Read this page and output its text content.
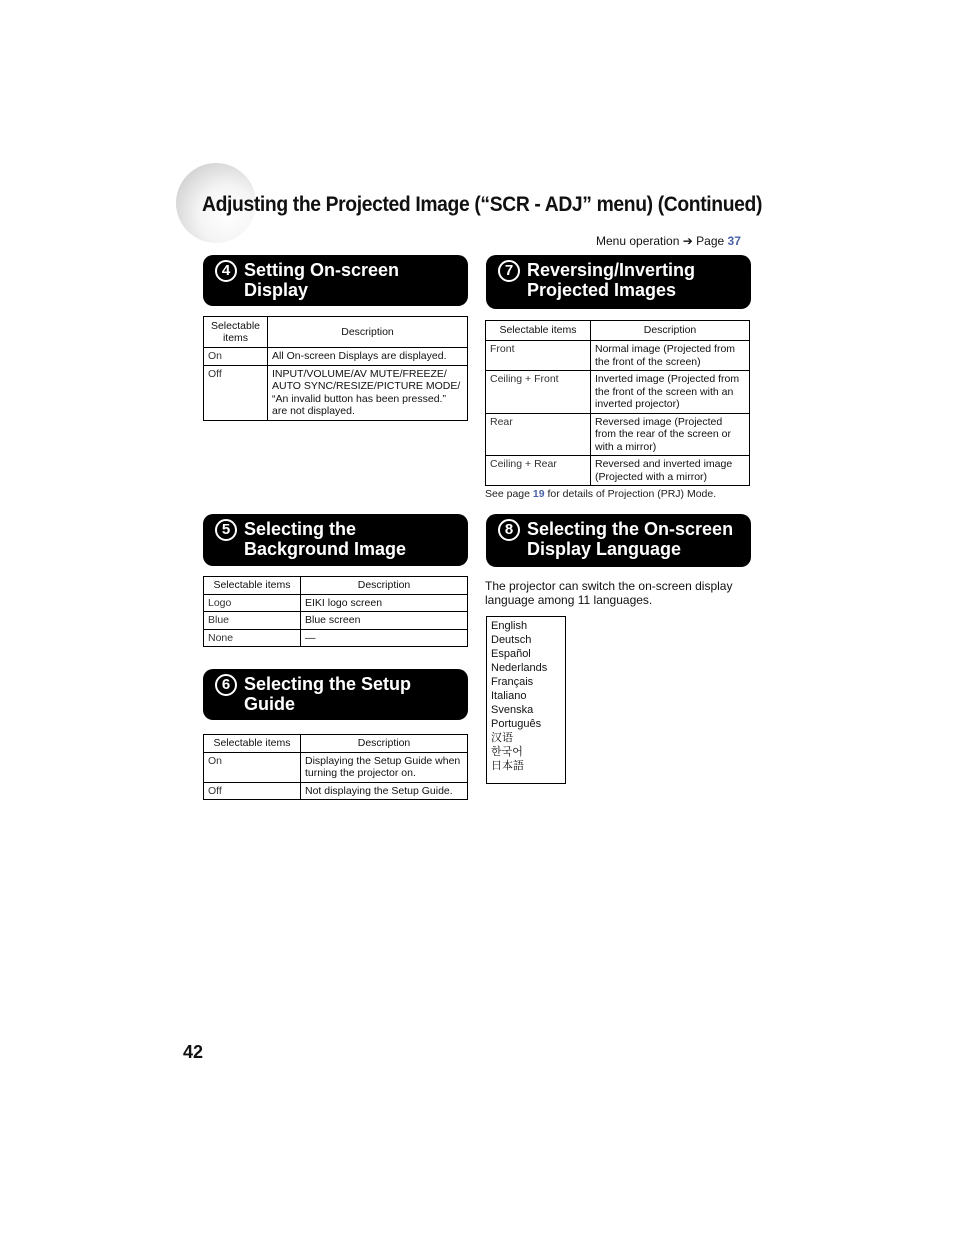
Adjusting the Projected Image (“SCR - ADJ” menu) (Continued)
Menu operation ➔ Page 37
4 Setting On-screen Display
Selectable items	Description
On	All On-screen Displays are displayed.
Off	INPUT/VOLUME/AV MUTE/FREEZE/ AUTO SYNC/RESIZE/PICTURE MODE/ “An invalid button has been pressed.” are not displayed.
7 Reversing/Inverting Projected Images
Selectable items	Description
Front	Normal image (Projected from the front of the screen)
Ceiling + Front	Inverted image (Projected from the front of the screen with an inverted projector)
Rear	Reversed image (Projected from the rear of the screen or with a mirror)
Ceiling + Rear	Reversed and inverted image (Projected with a mirror)
See page 19 for details of Projection (PRJ) Mode.
5 Selecting the Background Image
Selectable items	Description
Logo	EIKI logo screen
Blue	Blue screen
None	—
8 Selecting the On-screen Display Language
The projector can switch the on-screen display language among 11 languages.
English
Deutsch
Español
Nederlands
Français
Italiano
Svenska
Português
汉语
한국어
日本語
6 Selecting the Setup Guide
Selectable items	Description
On	Displaying the Setup Guide when turning the projector on.
Off	Not displaying the Setup Guide.
42
